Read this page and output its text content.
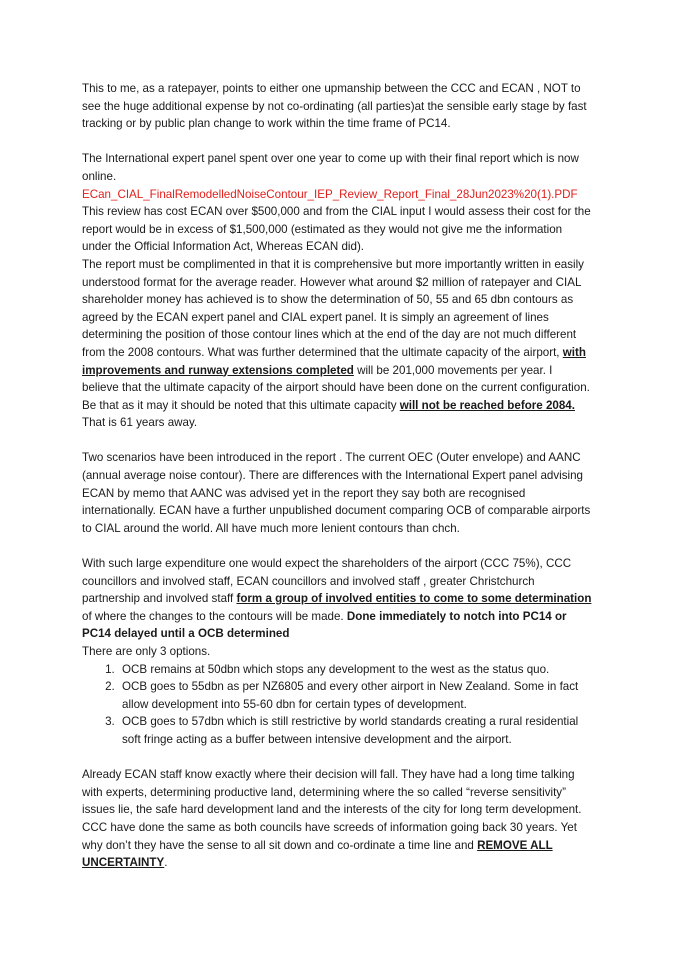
This to me, as a ratepayer, points to either one upmanship between the CCC and ECAN , NOT to see the huge additional expense by not co-ordinating (all parties)at the sensible early stage by fast tracking or by public plan change to work within the time frame of PC14.

The International expert panel spent over one year to come up with their final report which is now online. ECan_CIAL_FinalRemodelledNoiseContour_IEP_Review_Report_Final_28Jun2023%20(1).PDF
This review has cost ECAN over $500,000 and from the CIAL input I would assess their cost for the report would be in excess of $1,500,000 (estimated as they would not give me the information under the Official Information Act, Whereas ECAN did).

The report must be complimented in that it is comprehensive but more importantly written in easily understood format for the average reader. However what around $2 million of ratepayer and CIAL shareholder money has achieved is to show the determination of 50, 55 and 65 dbn contours as agreed by the ECAN expert panel and CIAL expert panel. It is simply an agreement of lines determining the position of those contour lines which at the end of the day are not much different from the 2008 contours. What was further determined that the ultimate capacity of the airport, with improvements and runway extensions completed will be 201,000 movements per year. I believe that the ultimate capacity of the airport should have been done on the current configuration. Be that as it may it should be noted that this ultimate capacity will not be reached before 2084. That is 61 years away.

Two scenarios have been introduced in the report . The current OEC (Outer envelope) and AANC (annual average noise contour). There are differences with the International Expert panel advising ECAN by memo that AANC was advised yet in the report they say both are recognised internationally. ECAN have a further unpublished document comparing OCB of comparable airports to CIAL around the world. All have much more lenient contours than chch.

With such large expenditure one would expect the shareholders of the airport (CCC 75%), CCC councillors and involved staff, ECAN councillors and involved staff , greater Christchurch partnership and involved staff form a group of involved entities to come to some determination of where the changes to the contours will be made. Done immediately to notch into PC14 or PC14 delayed until a OCB determined

There are only 3 options.

1. OCB remains at 50dbn which stops any development to the west as the status quo.
2. OCB goes to 55dbn as per NZ6805 and every other airport in New Zealand. Some in fact allow development into 55-60 dbn for certain types of development.
3. OCB goes to 57dbn which is still restrictive by world standards creating a rural residential soft fringe acting as a buffer between intensive development and the airport.

Already ECAN staff know exactly where their decision will fall. They have had a long time talking with experts, determining productive land, determining where the so called “reverse sensitivity” issues lie, the safe hard development land and the interests of the city for long term development. CCC have done the same as both councils have screeds of information going back 30 years. Yet why don’t they have the sense to all sit down and co-ordinate a time line and REMOVE ALL UNCERTAINTY.
